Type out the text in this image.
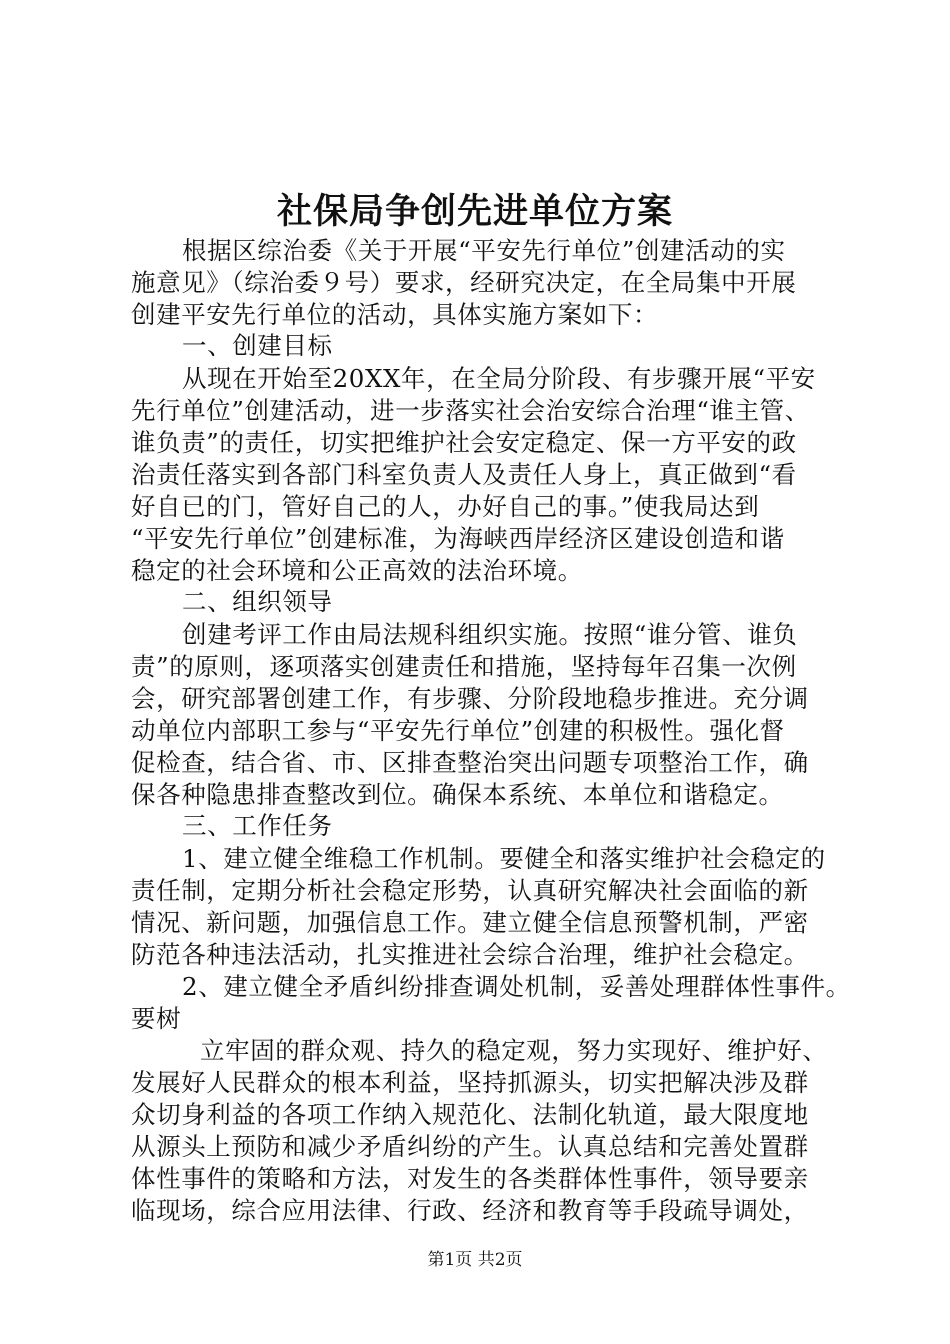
社保局争创先进单位方案
根据区综治委《关于开展“平安先行单位”创建活动的实
施意见》（综治委９号）要求，经研究决定，在全局集中开展
创建平安先行单位的活动，具体实施方案如下：
一、创建目标
从现在开始至20XX年，在全局分阶段、有步骤开展“平安
先行单位”创建活动，进一步落实社会治安综合治理“谁主管、
谁负责”的责任，切实把维护社会安定稳定、保一方平安的政
治责任落实到各部门科室负责人及责任人身上，真正做到“看
好自已的门，管好自己的人，办好自己的事。”使我局达到
“平安先行单位”创建标准，为海峡西岸经济区建设创造和谐
稳定的社会环境和公正高效的法治环境。
二、组织领导
创建考评工作由局法规科组织实施。按照“谁分管、谁负
责”的原则，逐项落实创建责任和措施，坚持每年召集一次例
会，研究部署创建工作，有步骤、分阶段地稳步推进。充分调
动单位内部职工参与“平安先行单位”创建的积极性。强化督
促检查，结合省、市、区排查整治突出问题专项整治工作，确
保各种隐患排查整改到位。确保本系统、本单位和谐稳定。
三、工作任务
1、建立健全维稳工作机制。要健全和落实维护社会稳定的
责任制，定期分析社会稳定形势，认真研究解决社会面临的新
情况、新问题，加强信息工作。建立健全信息预警机制，严密
防范各种违法活动，扎实推进社会综合治理，维护社会稳定。
2、建立健全矛盾纠纷排查调处机制，妥善处理群体性事件。
要树
立牢固的群众观、持久的稳定观，努力实现好、维护好、
发展好人民群众的根本利益，坚持抓源头，切实把解决涉及群
众切身利益的各项工作纳入规范化、法制化轨道，最大限度地
从源头上预防和减少矛盾纠纷的产生。认真总结和完善处置群
体性事件的策略和方法，对发生的各类群体性事件，领导要亲
临现场，综合应用法律、行政、经济和教育等手段疏导调处，
第1页 共2页
